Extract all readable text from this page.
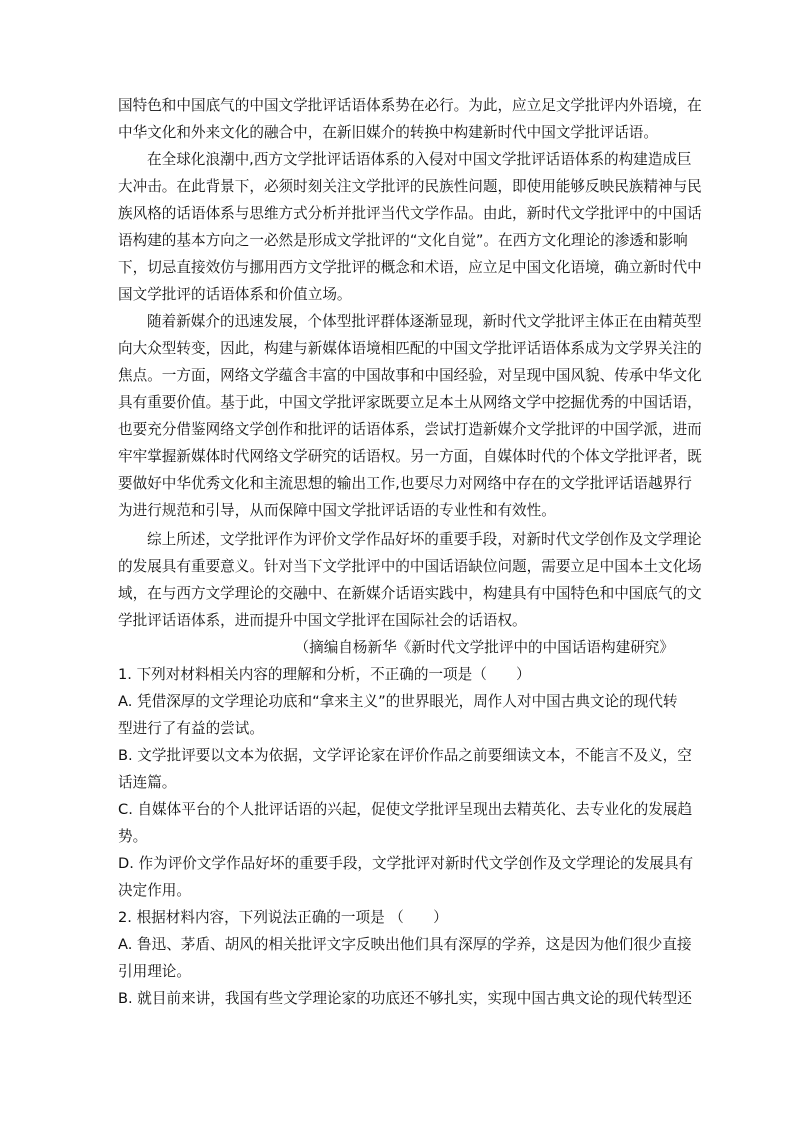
国特色和中国底气的中国文学批评话语体系势在必行。为此，应立足文学批评内外语境，在
中华文化和外来文化的融合中，在新旧媒介的转换中构建新时代中国文学批评话语。
在全球化浪潮中,西方文学批评话语体系的入侵对中国文学批评话语体系的构建造成巨
大冲击。在此背景下，必须时刻关注文学批评的民族性问题，即使用能够反映民族精神与民
族风格的话语体系与思维方式分析并批评当代文学作品。由此，新时代文学批评中的中国话
语构建的基本方向之一必然是形成文学批评的“文化自觉”。在西方文化理论的渗透和影响
下，切忌直接效仿与挪用西方文学批评的概念和术语，应立足中国文化语境，确立新时代中
国文学批评的话语体系和价值立场。
随着新媒介的迅速发展，个体型批评群体逐渐显现，新时代文学批评主体正在由精英型
向大众型转变，因此，构建与新媒体语境相匹配的中国文学批评话语体系成为文学界关注的
焦点。一方面，网络文学蕴含丰富的中国故事和中国经验，对呈现中国风貌、传承中华文化
具有重要价值。基于此，中国文学批评家既要立足本土从网络文学中挖掘优秀的中国话语，
也要充分借鉴网络文学创作和批评的话语体系，尝试打造新媒介文学批评的中国学派，进而
牢牢掌握新媒体时代网络文学研究的话语权。另一方面，自媒体时代的个体文学批评者，既
要做好中华优秀文化和主流思想的输出工作,也要尽力对网络中存在的文学批评话语越界行
为进行规范和引导，从而保障中国文学批评话语的专业性和有效性。
综上所述，文学批评作为评价文学作品好坏的重要手段，对新时代文学创作及文学理论
的发展具有重要意义。针对当下文学批评中的中国话语缺位问题，需要立足中国本土文化场
域，在与西方文学理论的交融中、在新媒介话语实践中，构建具有中国特色和中国底气的文
学批评话语体系，进而提升中国文学批评在国际社会的话语权。
（摘编自杨新华《新时代文学批评中的中国话语构建研究》
1. 下列对材料相关内容的理解和分析，不正确的一项是（　　）
A. 凭借深厚的文学理论功底和“拿来主义”的世界眼光，周作人对中国古典文论的现代转
型进行了有益的尝试。
B. 文学批评要以文本为依据，文学评论家在评价作品之前要细读文本，不能言不及义，空
话连篇。
C. 自媒体平台的个人批评话语的兴起，促使文学批评呈现出去精英化、去专业化的发展趋
势。
D. 作为评价文学作品好坏的重要手段，文学批评对新时代文学创作及文学理论的发展具有
决定作用。
2. 根据材料内容，下列说法正确的一项是 （　　）
A. 鲁迅、茅盾、胡风的相关批评文字反映出他们具有深厚的学养，这是因为他们很少直接
引用理论。
B. 就目前来讲，我国有些文学理论家的功底还不够扎实，实现中国古典文论的现代转型还
